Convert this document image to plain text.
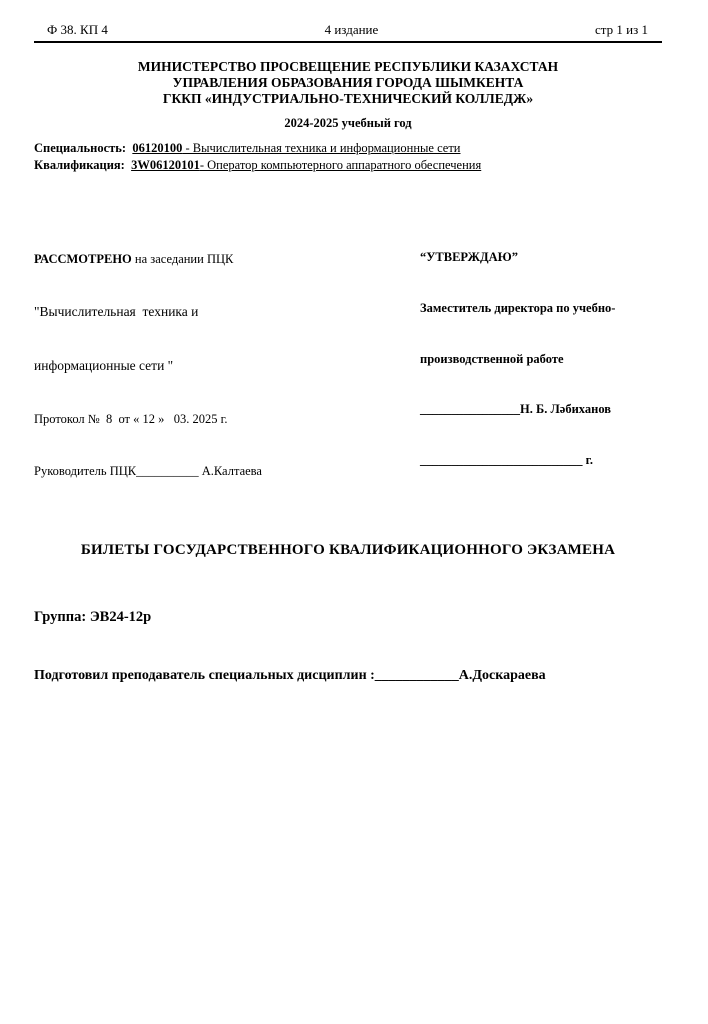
Ф 38. КП 4	4 издание	стр 1 из 1
МИНИСТЕРСТВО ПРОСВЕЩЕНИЕ РЕСПУБЛИКИ КАЗАХСТАН
УПРАВЛЕНИЯ ОБРАЗОВАНИЯ ГОРОДА ШЫМКЕНТА
ГККП «ИНДУСТРИАЛЬНО-ТЕХНИЧЕСКИЙ КОЛЛЕДЖ»
2024-2025 учебный год
Специальность: 06120100 - Вычислительная техника и информационные сети
Квалификация: 3W06120101- Оператор компьютерного аппаратного обеспечения

РАССМОТРЕНО на заседании ПЦК

"Вычислительная  техника и

информационные сети "

Протокол №  8  от « 12 »   03. 2025 г.

Руководитель ПЦК__________ А.Калтаева

“УТВЕРЖДАЮ”

Заместитель директора по учебно-

производственной работе

________________Н. Б. Ләбиханов

__________________________ г.

БИЛЕТЫ ГОСУДАРСТВЕННОГО КВАЛИФИКАЦИОННОГО ЭКЗАМЕНА
Группа: ЭВ24-12р
Подготовил преподаватель специальных дисциплин :____________А.Доскараева
